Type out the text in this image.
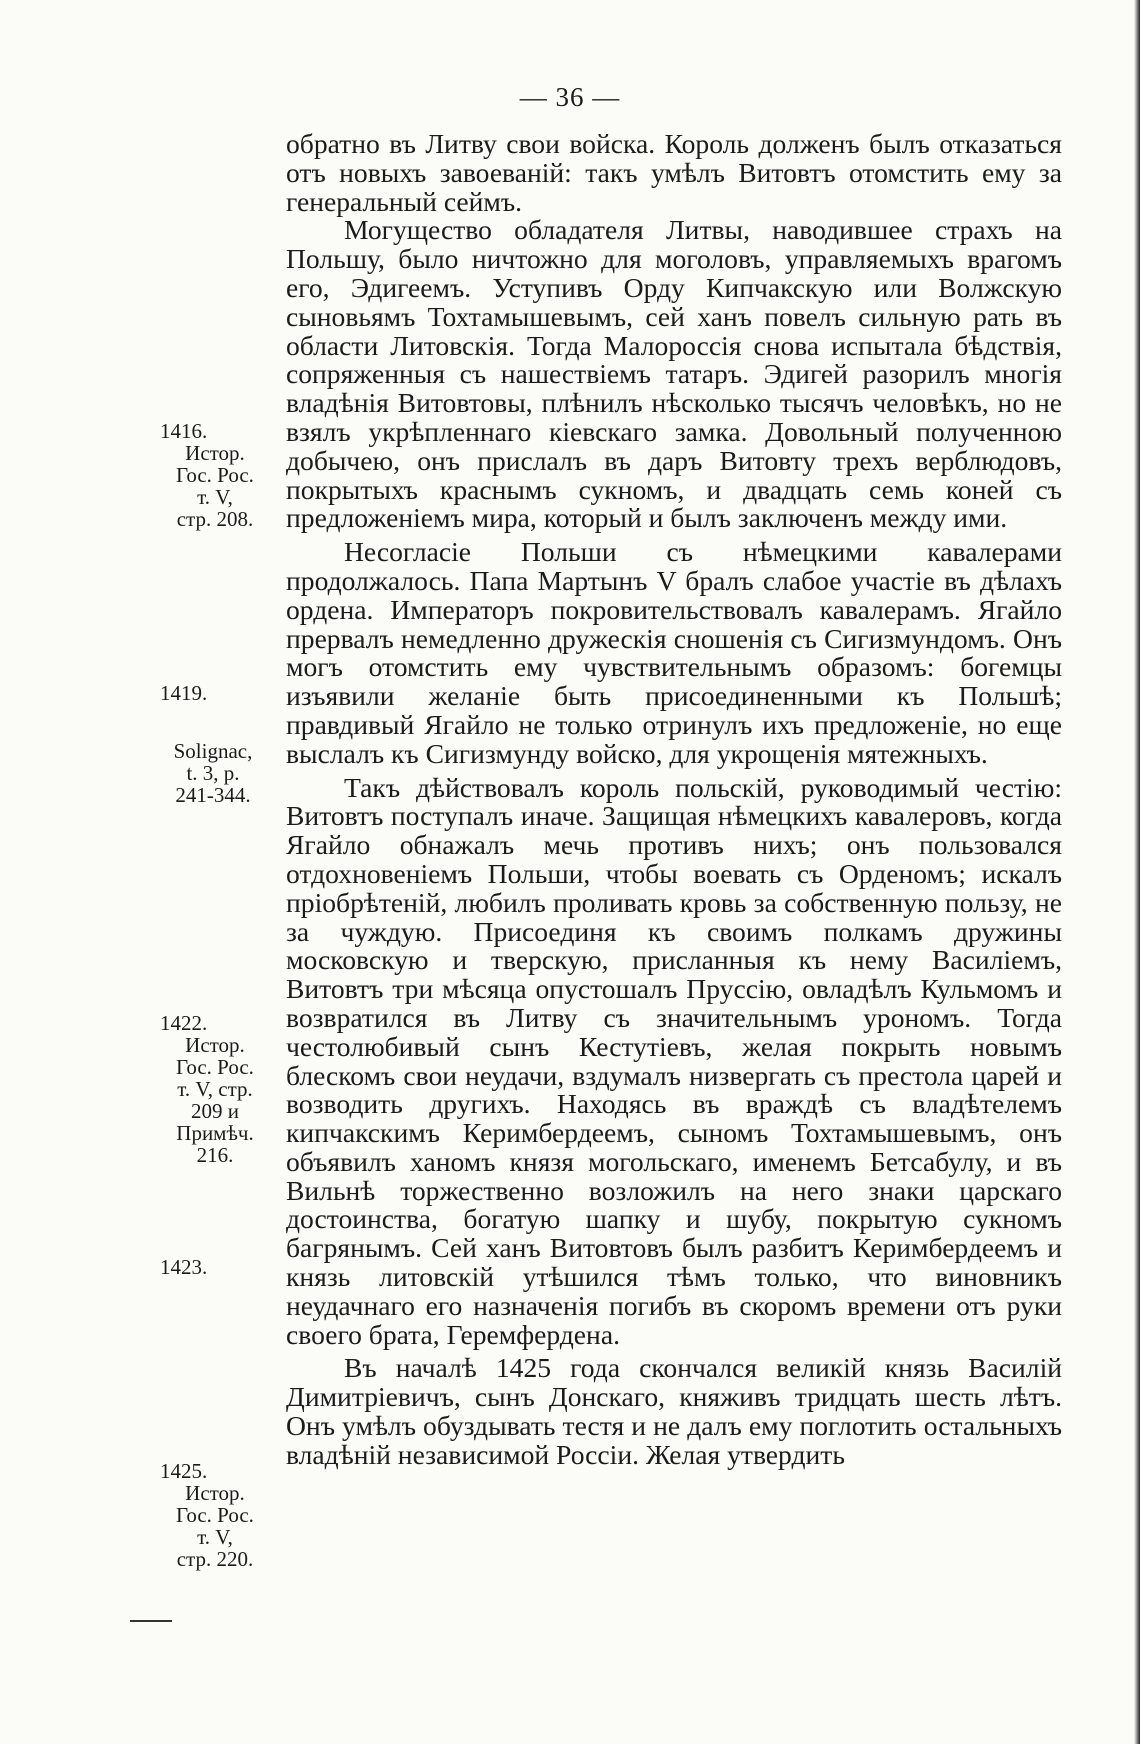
— 36 —

обратно въ Литву свои войска. Король долженъ былъ отказаться отъ новыхъ завоеваній: такъ умѣлъ Витовтъ отомстить ему за генеральный сеймъ.

Могущество обладателя Литвы, наводившее страхъ на Польшу, было ничтожно для моголовъ, управляемыхъ врагомъ его, Эдигеемъ. Уступивъ Орду Кипчакскую или Волжскую сыновьямъ Тохтамышевымъ, сей ханъ повелъ сильную рать въ области Литовскія. Тогда Малороссія снова испытала бѣдствія, сопряженныя съ нашествіемъ татаръ. Эдигей разорилъ многія владѣнія Витовтовы, плѣнилъ нѣсколько тысячъ человѣкъ, но не взялъ укрѣпленнаго кіевскаго замка. Довольный полученною добычею, онъ прислалъ въ даръ Витовту трехъ верблюдовъ, покрытыхъ краснымъ сукномъ, и двадцать семь коней съ предложеніемъ мира, который и былъ заключенъ между ими.

Несогласіе Польши съ нѣмецкими кавалерами продолжалось. Папа Мартынъ V бралъ слабое участіе въ дѣлахъ ордена. Императоръ покровительствовалъ кавалерамъ. Ягайло прервалъ немедленно дружескія сношенія съ Сигизмундомъ. Онъ могъ отомстить ему чувствительнымъ образомъ: богемцы изъявили желаніе быть присоединенными къ Польшѣ; правдивый Ягайло не только отринулъ ихъ предложеніе, но еще выслалъ къ Сигизмунду войско, для укрощенія мятежныхъ.

Такъ дѣйствовалъ король польскій, руководимый честію: Витовтъ поступалъ иначе. Защищая нѣмецкихъ кавалеровъ, когда Ягайло обнажалъ мечь противъ нихъ; онъ пользовался отдохновеніемъ Польши, чтобы воевать съ Орденомъ; искалъ пріобрѣтеній, любилъ проливать кровь за собственную пользу, не за чуждую. Присоединя къ своимъ полкамъ дружины московскую и тверскую, присланныя къ нему Василіемъ, Витовтъ три мѣсяца опустошалъ Пруссію, овладѣлъ Кульмомъ и возвратился въ Литву съ значительнымъ урономъ. Тогда честолюбивый сынъ Кестутіевъ, желая покрыть новымъ блескомъ свои неудачи, вздумалъ низвергать съ престола царей и возводить другихъ. Находясь въ враждѣ съ владѣтелемъ кипчакскимъ Керимбердеемъ, сыномъ Тохтамышевымъ, онъ объявилъ ханомъ князя могольскаго, именемъ Бетсабулу, и въ Вильнѣ торжественно возложилъ на него знаки царскаго достоинства, богатую шапку и шубу, покрытую сукномъ багрянымъ. Сей ханъ Витовтовъ былъ разбитъ Керимбердеемъ и князь литовскій утѣшился тѣмъ только, что виновникъ неудачнаго его назначенія погибъ въ скоромъ времени отъ руки своего брата, Геремфердена.

Въ началѣ 1425 года скончался великій князь Василій Димитріевичъ, сынъ Донскаго, княживъ тридцать шесть лѣтъ. Онъ умѣлъ обуздывать тестя и не далъ ему поглотить остальныхъ владѣній независимой Россіи. Желая утвердить

1416.
Истор.
Гос. Рос.
т. V,
стр. 208.
1419.
Solignac,
t. 3, p.
241-344.
1422.
Истор.
Гос. Рос.
т. V, стр.
209 и
Примѣч.
216.
1423.
1425.
Истор.
Гос. Рос.
т. V,
стр. 220.
